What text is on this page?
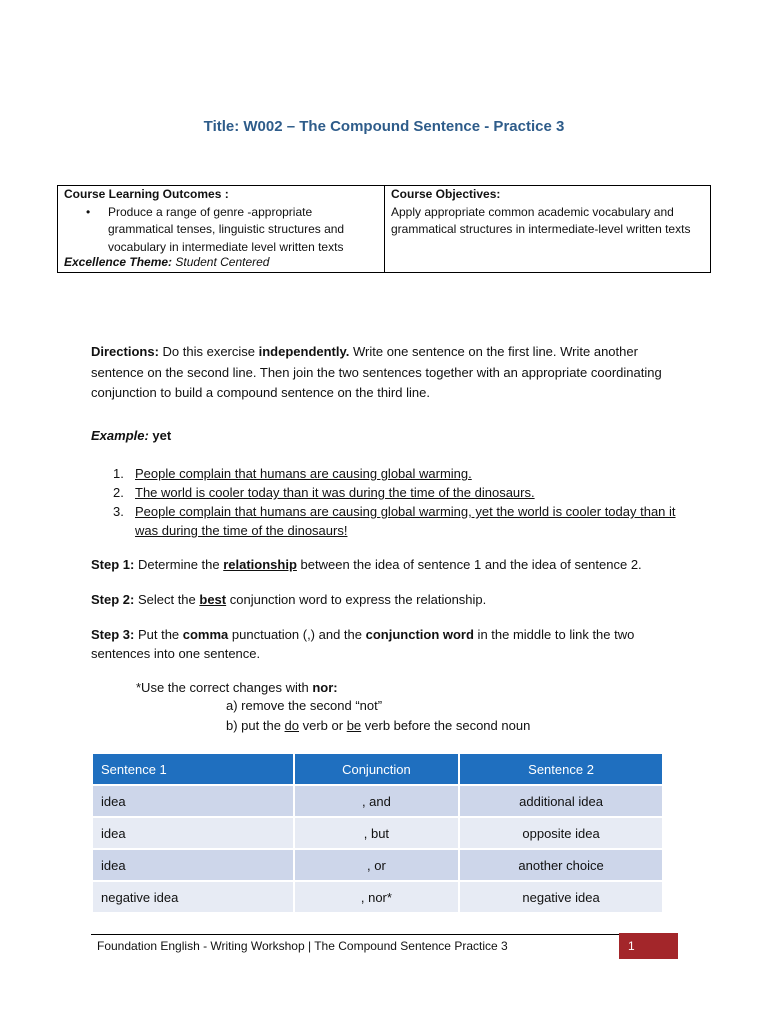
Title: W002 – The Compound Sentence - Practice 3
Course Learning Outcomes :
•	Produce a range of genre -appropriate grammatical tenses, linguistic structures and vocabulary in intermediate level written texts
Excellence Theme: Student Centered
Course Objectives:
Apply appropriate common academic vocabulary and grammatical structures in intermediate-level written texts
Directions: Do this exercise independently. Write one sentence on the first line. Write another sentence on the second line. Then join the two sentences together with an appropriate coordinating conjunction to build a compound sentence on the third line.
Example: yet
1. People complain that humans are causing global warming.
2. The world is cooler today than it was during the time of the dinosaurs.
3. People complain that humans are causing global warming, yet the world is cooler today than it was during the time of the dinosaurs!
Step 1: Determine the relationship between the idea of sentence 1 and the idea of sentence 2.
Step 2: Select the best conjunction word to express the relationship.
Step 3: Put the comma punctuation (,) and the conjunction word in the middle to link the two sentences into one sentence.
*Use the correct changes with nor:
a) remove the second “not”
b) put the do verb or be verb before the second noun
Sentence 1	Conjunction	Sentence 2
idea	, and	additional idea
idea	, but	opposite idea
idea	, or	another choice
negative idea	, nor*	negative idea
Foundation English - Writing Workshop | The Compound Sentence Practice 3	1
